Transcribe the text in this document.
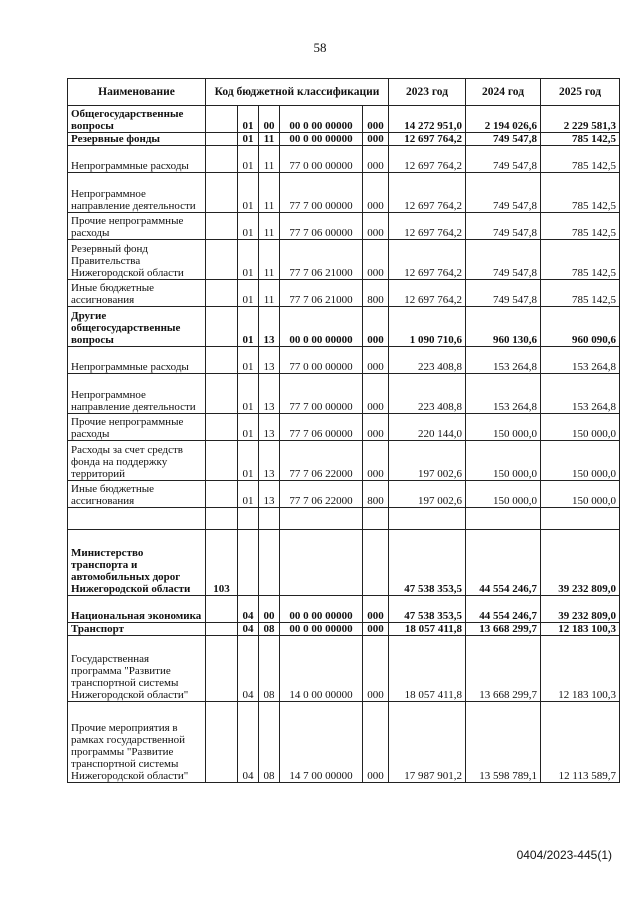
58
Наименование	Код бюджетной классификации					2023 год	2024 год	2025 год
Общегосударственные вопросы		01	00	00 0 00 00000	000	14 272 951,0	2 194 026,6	2 229 581,3
Резервные фонды		01	11	00 0 00 00000	000	12 697 764,2	749 547,8	785 142,5
Непрограммные расходы		01	11	77 0 00 00000	000	12 697 764,2	749 547,8	785 142,5
Непрограммное направление деятельности		01	11	77 7 00 00000	000	12 697 764,2	749 547,8	785 142,5
Прочие непрограммные расходы		01	11	77 7 06 00000	000	12 697 764,2	749 547,8	785 142,5
Резервный фонд Правительства Нижегородской области		01	11	77 7 06 21000	000	12 697 764,2	749 547,8	785 142,5
Иные бюджетные ассигнования		01	11	77 7 06 21000	800	12 697 764,2	749 547,8	785 142,5
Другие общегосударственные вопросы		01	13	00 0 00 00000	000	1 090 710,6	960 130,6	960 090,6
Непрограммные расходы		01	13	77 0 00 00000	000	223 408,8	153 264,8	153 264,8
Непрограммное направление деятельности		01	13	77 7 00 00000	000	223 408,8	153 264,8	153 264,8
Прочие непрограммные расходы		01	13	77 7 06 00000	000	220 144,0	150 000,0	150 000,0
Расходы за счет средств фонда на поддержку территорий		01	13	77 7 06 22000	000	197 002,6	150 000,0	150 000,0
Иные бюджетные ассигнования		01	13	77 7 06 22000	800	197 002,6	150 000,0	150 000,0

Министерство транспорта и автомобильных дорог Нижегородской области	103					47 538 353,5	44 554 246,7	39 232 809,0
Национальная экономика		04	00	00 0 00 00000	000	47 538 353,5	44 554 246,7	39 232 809,0
Транспорт		04	08	00 0 00 00000	000	18 057 411,8	13 668 299,7	12 183 100,3
Государственная программа "Развитие транспортной системы Нижегородской области"		04	08	14 0 00 00000	000	18 057 411,8	13 668 299,7	12 183 100,3
Прочие мероприятия в рамках государственной программы "Развитие транспортной системы Нижегородской области"		04	08	14 7 00 00000	000	17 987 901,2	13 598 789,1	12 113 589,7
0404/2023-445(1)
